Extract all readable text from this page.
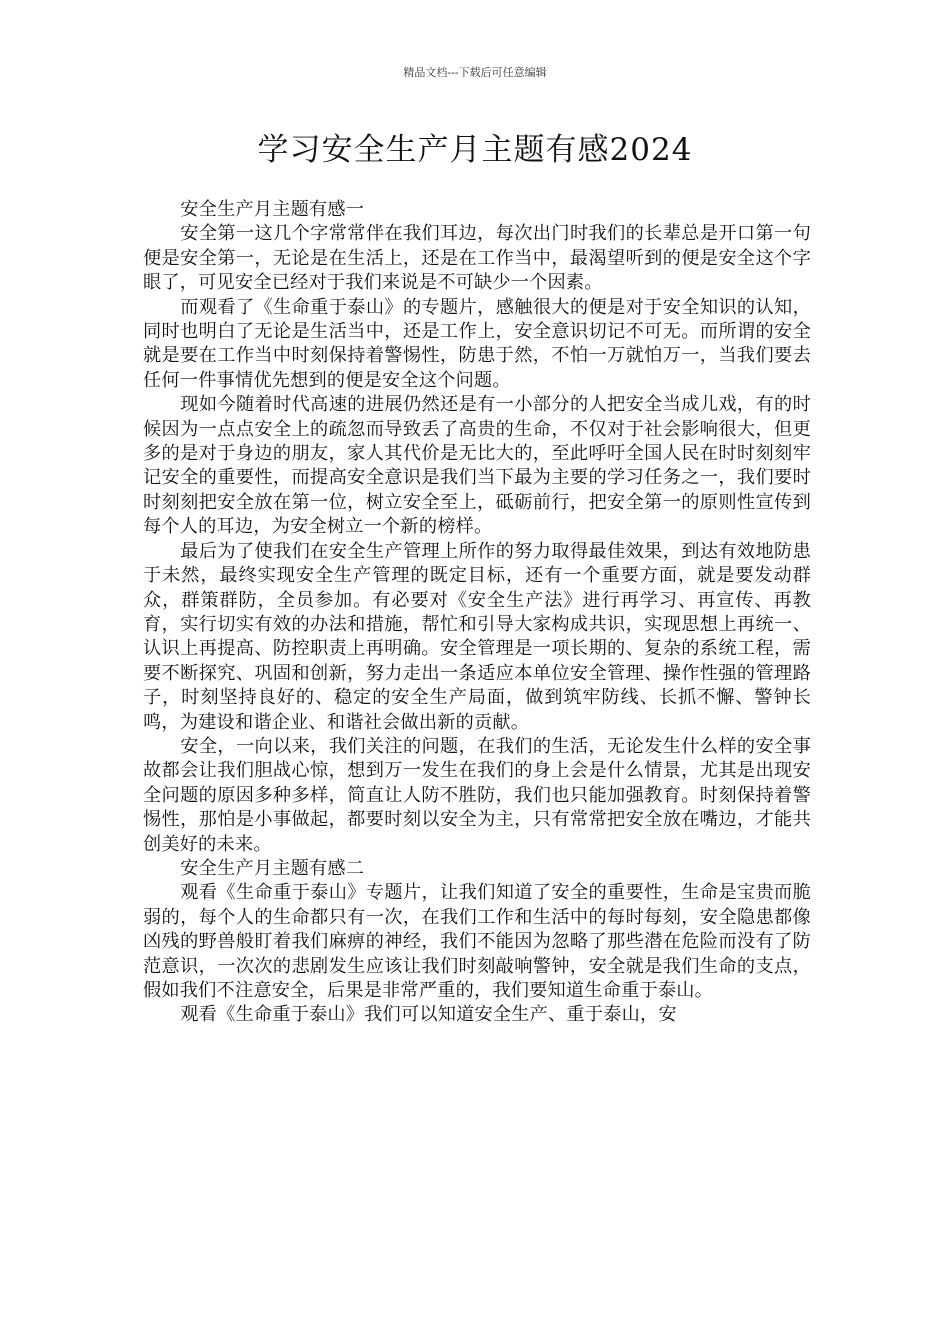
精品文档---下载后可任意编辑
学习安全生产月主题有感2024

安全生产月主题有感一

安全第一这几个字常常伴在我们耳边，每次出门时我们的长辈总是开口第一句便是安全第一，无论是在生活上，还是在工作当中，最渴望听到的便是安全这个字眼了，可见安全已经对于我们来说是不可缺少一个因素。

而观看了《生命重于泰山》的专题片，感触很大的便是对于安全知识的认知，同时也明白了无论是生活当中，还是工作上，安全意识切记不可无。而所谓的安全就是要在工作当中时刻保持着警惕性，防患于然，不怕一万就怕万一，当我们要去任何一件事情优先想到的便是安全这个问题。

现如今随着时代高速的进展仍然还是有一小部分的人把安全当成儿戏，有的时候因为一点点安全上的疏忽而导致丢了高贵的生命，不仅对于社会影响很大，但更多的是对于身边的朋友，家人其代价是无比大的，至此呼吁全国人民在时时刻刻牢记安全的重要性，而提高安全意识是我们当下最为主要的学习任务之一，我们要时时刻刻把安全放在第一位，树立安全至上，砥砺前行，把安全第一的原则性宣传到每个人的耳边，为安全树立一个新的榜样。

最后为了使我们在安全生产管理上所作的努力取得最佳效果，到达有效地防患于未然，最终实现安全生产管理的既定目标，还有一个重要方面，就是要发动群众，群策群防，全员参加。有必要对《安全生产法》进行再学习、再宣传、再教育，实行切实有效的办法和措施，帮忙和引导大家构成共识，实现思想上再统一、认识上再提高、防控职责上再明确。安全管理是一项长期的、复杂的系统工程，需要不断探究、巩固和创新，努力走出一条适应本单位安全管理、操作性强的管理路子，时刻坚持良好的、稳定的安全生产局面，做到筑牢防线、长抓不懈、警钟长鸣，为建设和谐企业、和谐社会做出新的贡献。

安全，一向以来，我们关注的问题，在我们的生活，无论发生什么样的安全事故都会让我们胆战心惊，想到万一发生在我们的身上会是什么情景，尤其是出现安全问题的原因多种多样，简直让人防不胜防，我们也只能加强教育。时刻保持着警惕性，那怕是小事做起，都要时刻以安全为主，只有常常把安全放在嘴边，才能共创美好的未来。

安全生产月主题有感二

观看《生命重于泰山》专题片，让我们知道了安全的重要性，生命是宝贵而脆弱的，每个人的生命都只有一次，在我们工作和生活中的每时每刻，安全隐患都像凶残的野兽般盯着我们麻痹的神经，我们不能因为忽略了那些潜在危险而没有了防范意识，一次次的悲剧发生应该让我们时刻敲响警钟，安全就是我们生命的支点，假如我们不注意安全，后果是非常严重的，我们要知道生命重于泰山。

观看《生命重于泰山》我们可以知道安全生产、重于泰山，安
